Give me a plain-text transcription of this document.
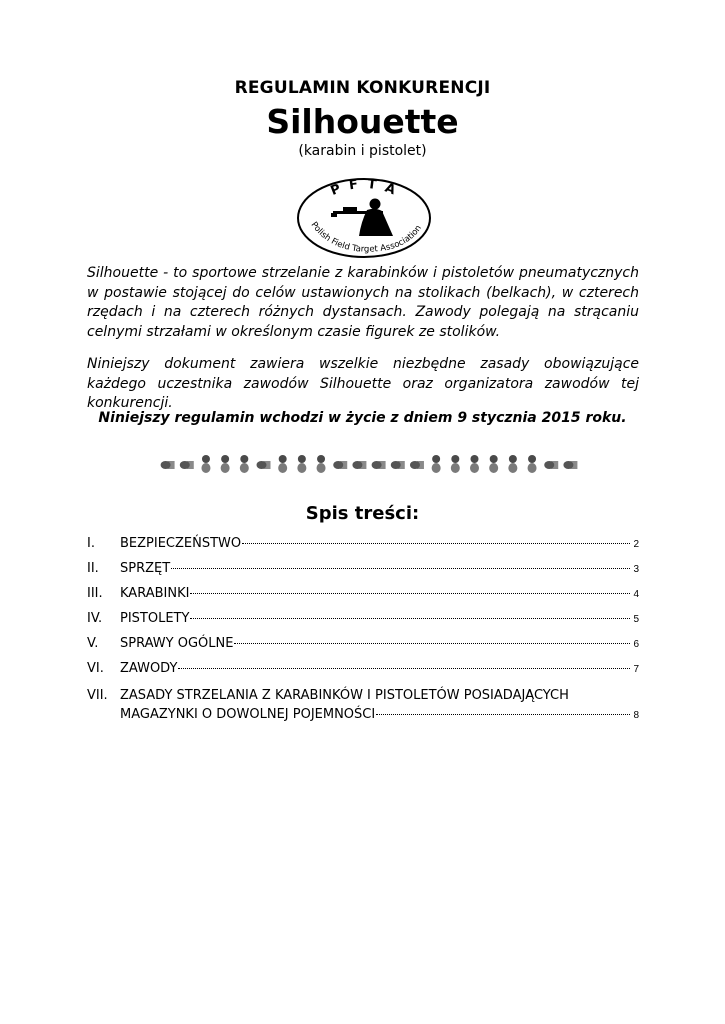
REGULAMIN KONKURENCJI
Silhouette
(karabin i pistolet)
P F T A
Polish Field Target Association

Silhouette - to sportowe strzelanie z karabinków i pistoletów pneumatycznych w postawie stojącej do celów ustawionych na stolikach (belkach), w czterech rzędach i na czterech różnych dystansach. Zawody polegają na strącaniu celnymi strzałami w określonym czasie figurek ze stolików.

Niniejszy dokument zawiera wszelkie niezbędne zasady obowiązujące każdego uczestnika zawodów Silhouette oraz organizatora zawodów tej konkurencji.

Niniejszy regulamin wchodzi w życie z dniem 9 stycznia 2015 roku.
Spis treści:
I.	BEZPIECZEŃSTWO	2
II.	SPRZĘT	3
III.	KARABINKI	4
IV.	PISTOLETY	5
V.	SPRAWY OGÓLNE	6
VI.	ZAWODY	7
VII. ZASADY STRZELANIA Z KARABINKÓW I PISTOLETÓW POSIADAJĄCYCH
MAGAZYNKI O DOWOLNEJ POJEMNOŚCI	8
